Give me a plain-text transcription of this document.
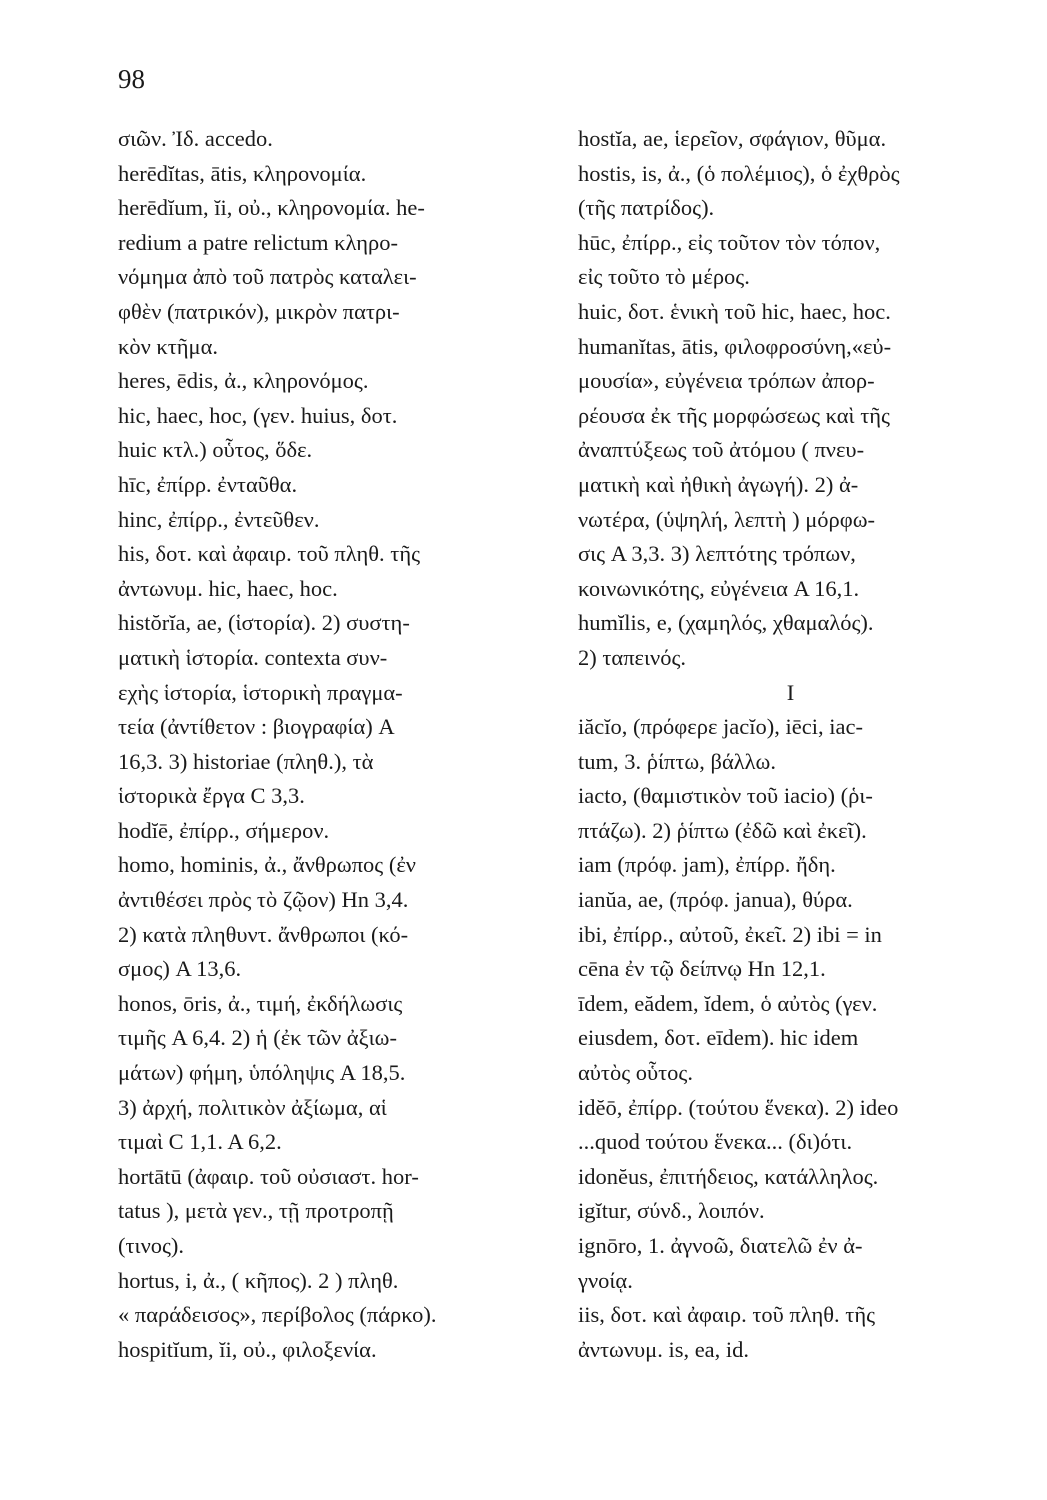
98
σιῶν. Ἰδ. accedo.
herēdĭtas, ātis, κληρονομία.
herēdĭum, ĭi, οὐ., κληρονομία. he-
redium a patre relictum κληρο-
νόμημα ἀπὸ τοῦ πατρὸς καταλει-
φθὲν (πατρικόν), μικρὸν πατρι-
κὸν κτῆμα.
heres, ēdis, ἀ., κληρονόμος.
hic, haec, hoc, (γεν. huius, δοτ.
huic κτλ.) οὗτος, ὅδε.
hīc, ἐπίρρ. ἐνταῦθα.
hinc, ἐπίρρ., ἐντεῦθεν.
his, δοτ. καὶ ἀφαιρ. τοῦ πληθ. τῆς
ἀντωνυμ. hic, haec, hoc.
histŏrĭa, ae, (ἱστορία). 2) συστη-
ματικὴ ἱστορία. contexta συν-
εχὴς ἱστορία, ἱστορικὴ πραγμα-
τεία (ἀντίθετον : βιογραφία) A
16,3. 3) historiae (πληθ.), τὰ
ἱστορικὰ ἔργα C 3,3.
hodĭē, ἐπίρρ., σήμερον.
homo, hominis, ἀ., ἄνθρωπος (ἐν
ἀντιθέσει πρὸς τὸ ζῷον) Hn 3,4.
2) κατὰ πληθυντ. ἄνθρωποι (κό-
σμος) A 13,6.
honos, ōris, ἀ., τιμή, ἐκδήλωσις
τιμῆς A 6,4. 2) ἡ (ἐκ τῶν ἀξιω-
μάτων) φήμη, ὑπόληψις A 18,5.
3) ἀρχή, πολιτικὸν ἀξίωμα, αἱ
τιμαὶ C 1,1. A 6,2.
hortātū (ἀφαιρ. τοῦ οὐσιαστ. hor-
tatus ), μετὰ γεν., τῇ προτροπῇ
(τινος).
hortus, i, ἀ., ( κῆπος). 2 ) πληθ.
« παράδεισος», περίβολος (πάρκο).
hospitĭum, ĭi, οὐ., φιλοξενία.
hostĭa, ae, ἱερεῖον, σφάγιον, θῦμα.
hostis, is, ἀ., (ὁ πολέμιος), ὁ ἐχθρὸς
(τῆς πατρίδος).
hūc, ἐπίρρ., εἰς τοῦτον τὸν τόπον,
εἰς τοῦτο τὸ μέρος.
huic, δοτ. ἑνικὴ τοῦ hic, haec, hoc.
humanĭtas, ātis, φιλοφροσύνη,«εὐ-
μουσία», εὐγένεια τρόπων ἀπορ-
ρέουσα ἐκ τῆς μορφώσεως καὶ τῆς
ἀναπτύξεως τοῦ ἀτόμου ( πνευ-
ματικὴ καὶ ἠθικὴ ἀγωγή). 2) ἀ-
νωτέρα, (ὑψηλή, λεπτὴ ) μόρφω-
σις A 3,3. 3) λεπτότης τρόπων,
κοινωνικότης, εὐγένεια A 16,1.
humĭlis, e, (χαμηλός, χθαμαλός).
2) ταπεινός.
I
iăcĭo, (πρόφερε jacĭo), iēci, iac-
tum, 3. ῥίπτω, βάλλω.
iacto, (θαμιστικὸν τοῦ iacio) (ῥι-
πτάζω). 2) ῥίπτω (ἐδῶ καὶ ἐκεῖ).
iam (πρόφ. jam), ἐπίρρ. ἤδη.
ianŭa, ae, (πρόφ. janua), θύρα.
ibi, ἐπίρρ., αὐτοῦ, ἐκεῖ. 2) ibi = in
cēna ἐν τῷ δείπνῳ Hn 12,1.
īdem, eădem, ĭdem, ὁ αὐτὸς (γεν.
eiusdem, δοτ. eīdem). hic idem
αὐτὸς οὗτος.
idĕō, ἐπίρρ. (τούτου ἕνεκα). 2) ideo
...quod τούτου ἕνεκα... (δι)ότι.
idonĕus, ἐπιτήδειος, κατάλληλος.
igĭtur, σύνδ., λοιπόν.
ignōro, 1. ἀγνοῶ, διατελῶ ἐν ἀ-
γνοίᾳ.
iis, δοτ. καὶ ἀφαιρ. τοῦ πληθ. τῆς
ἀντωνυμ. is, ea, id.
